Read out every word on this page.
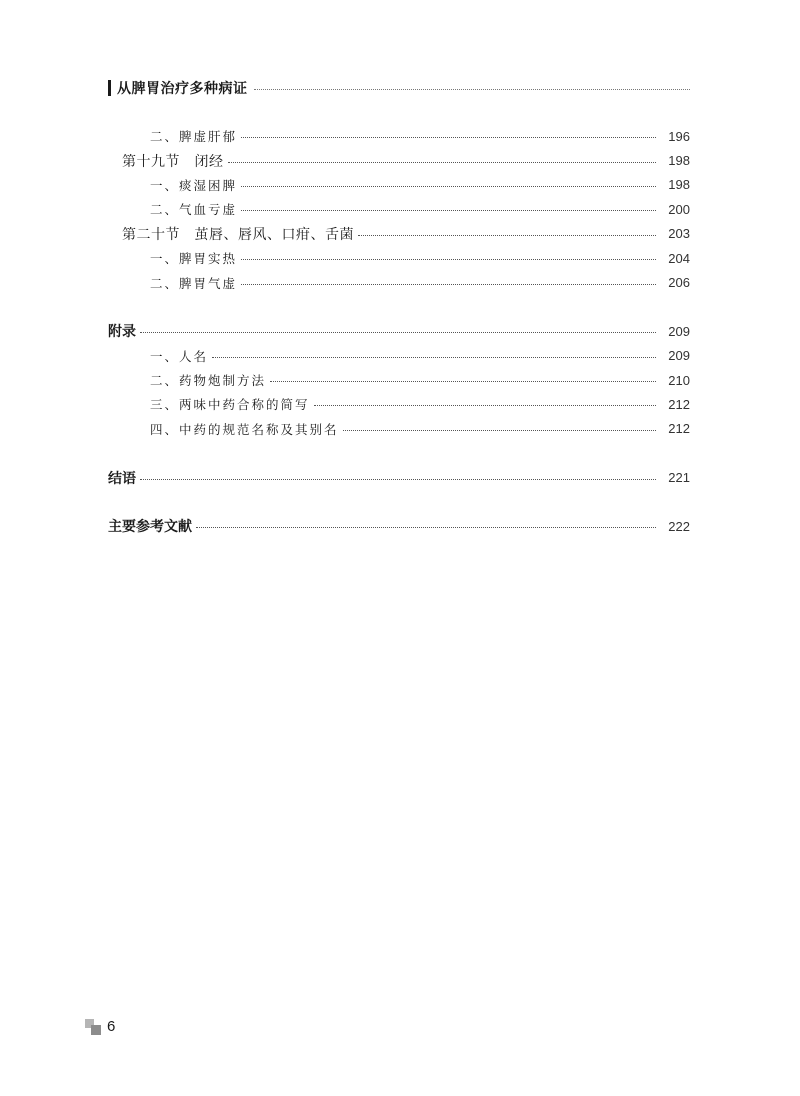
从脾胃治疗多种病证
二、脾虚肝郁	196
第十九节　闭经	198
一、痰湿困脾	198
二、气血亏虚	200
第二十节　茧唇、唇风、口疳、舌菌	203
一、脾胃实热	204
二、脾胃气虚	206
附录	209
一、人名	209
二、药物炮制方法	210
三、两味中药合称的简写	212
四、中药的规范名称及其别名	212
结语	221
主要参考文献	222
6
